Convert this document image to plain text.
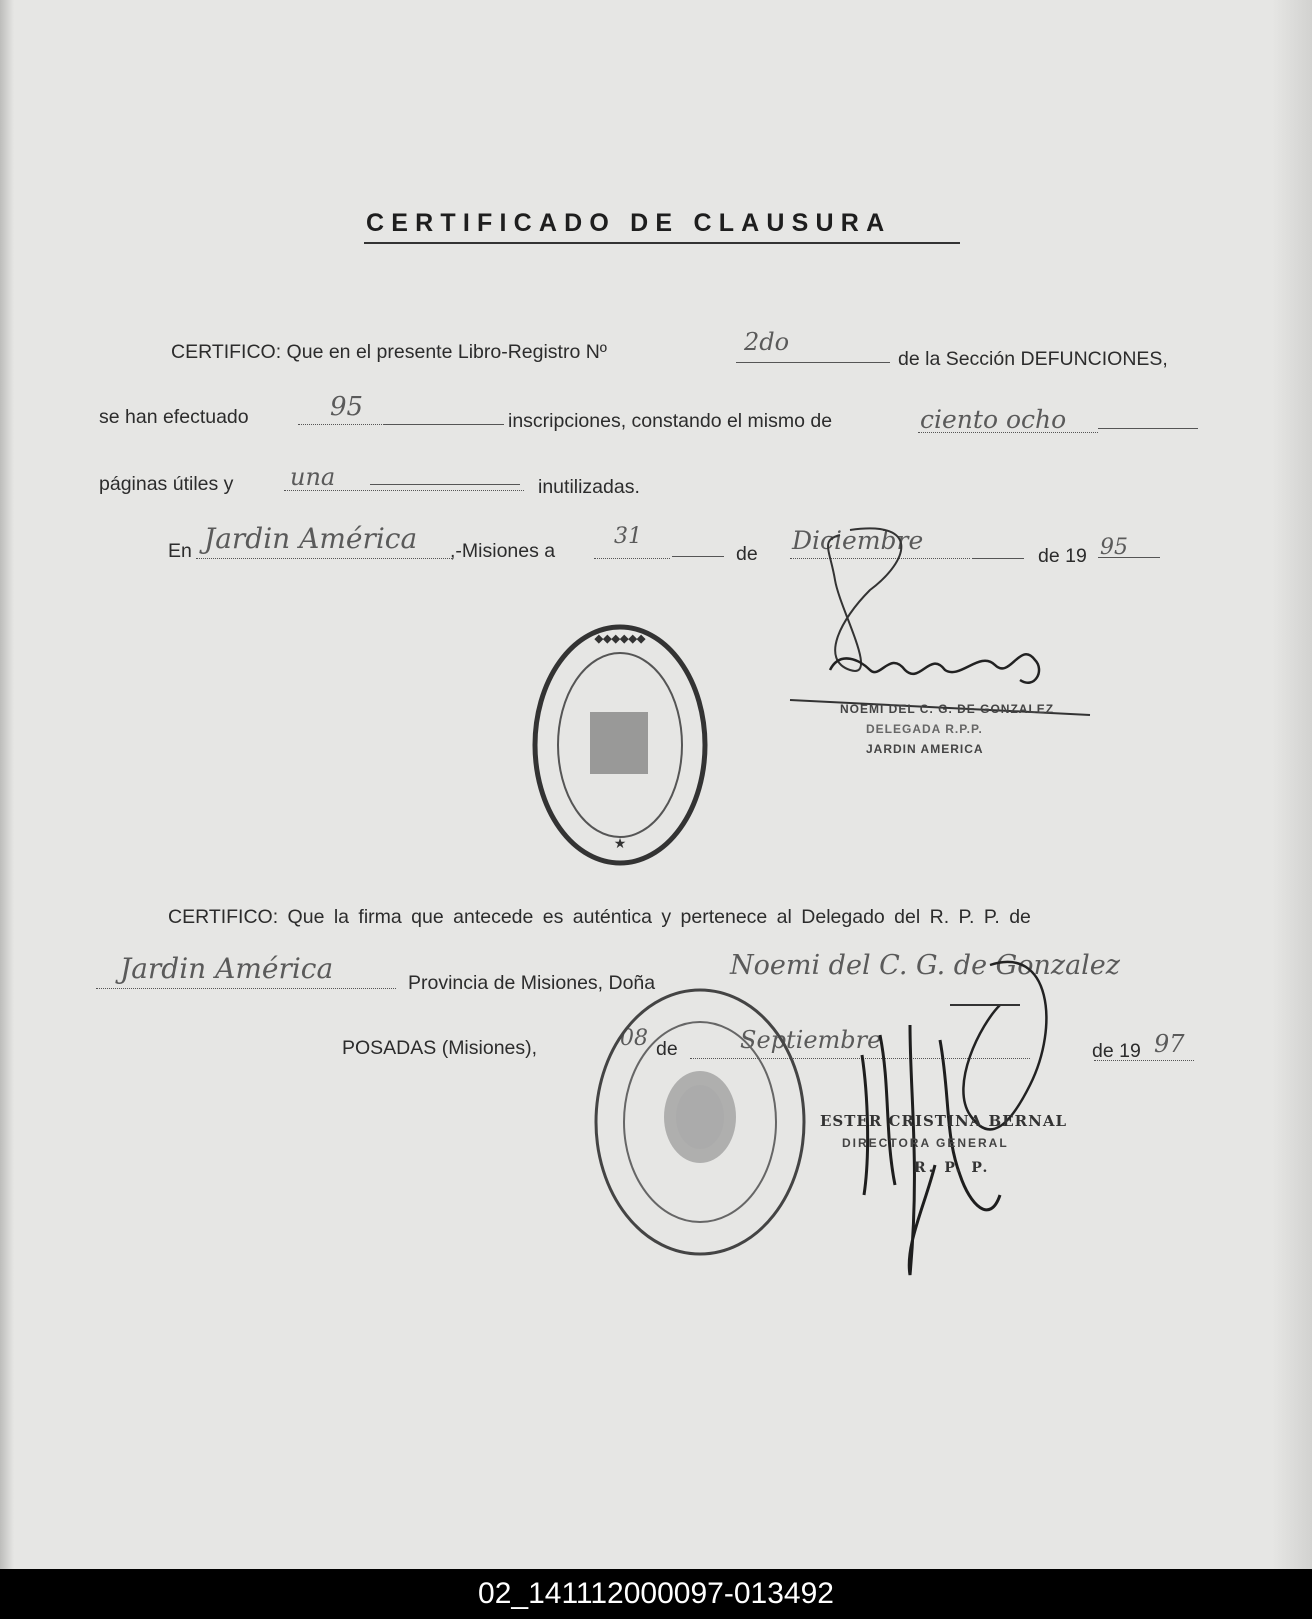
CERTIFICADO DE CLAUSURA
CERTIFICO: Que en el presente Libro-Registro Nº	2do
de la Sección DEFUNCIONES,
se han efectuado	95	inscripciones, constando el mismo de	ciento ocho
páginas útiles y una	inutilizadas.
En Jardin América ,-Misiones a
31
de Diciembre
de 19 95
◆◆◆◆◆◆
★
NOEMI DEL C. G. DE GONZALEZ
DELEGADA R.P.P.
JARDIN AMERICA
CERTIFICO: Que la firma que antecede es auténtica y pertenece al Delegado del R. P. P. de
Jardin América	Provincia de Misiones, Doña
Noemi del C. G. de Gonzalez
POSADAS (Misiones),	08 de	Septiembre	de 19 97
ESTER CRISTINA BERNAL
DIRECTORA GENERAL
R. P. P.
02_141112000097-013492
